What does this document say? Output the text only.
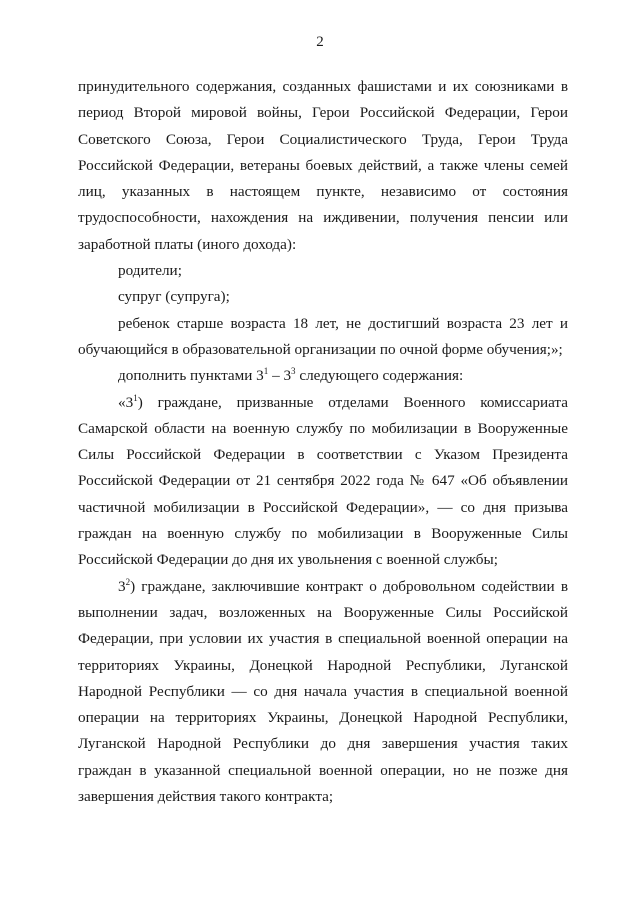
2

принудительного содержания, созданных фашистами и их союзниками в период Второй мировой войны, Герои Российской Федерации, Герои Советского Союза, Герои Социалистического Труда, Герои Труда Российской Федерации, ветераны боевых действий, а также члены семей лиц, указанных в настоящем пункте, независимо от состояния трудоспособности, нахождения на иждивении, получения пенсии или заработной платы (иного дохода):

родители;

супруг (супруга);

ребенок старше возраста 18 лет, не достигший возраста 23 лет и обучающийся в образовательной организации по очной форме обучения;»;

дополнить пунктами $3^1 - 3^3$ следующего содержания:

«$3^1$) граждане, призванные отделами Военного комиссариата Самарской области на военную службу по мобилизации в Вооруженные Силы Российской Федерации в соответствии с Указом Президента Российской Федерации от 21 сентября 2022 года № 647 «Об объявлении частичной мобилизации в Российской Федерации», — со дня призыва граждан на военную службу по мобилизации в Вооруженные Силы Российской Федерации до дня их увольнения с военной службы;

$3^2$) граждане, заключившие контракт о добровольном содействии в выполнении задач, возложенных на Вооруженные Силы Российской Федерации, при условии их участия в специальной военной операции на территориях Украины, Донецкой Народной Республики, Луганской Народной Республики — со дня начала участия в специальной военной операции на территориях Украины, Донецкой Народной Республики, Луганской Народной Республики до дня завершения участия таких граждан в указанной специальной военной операции, но не позже дня завершения действия такого контракта;
